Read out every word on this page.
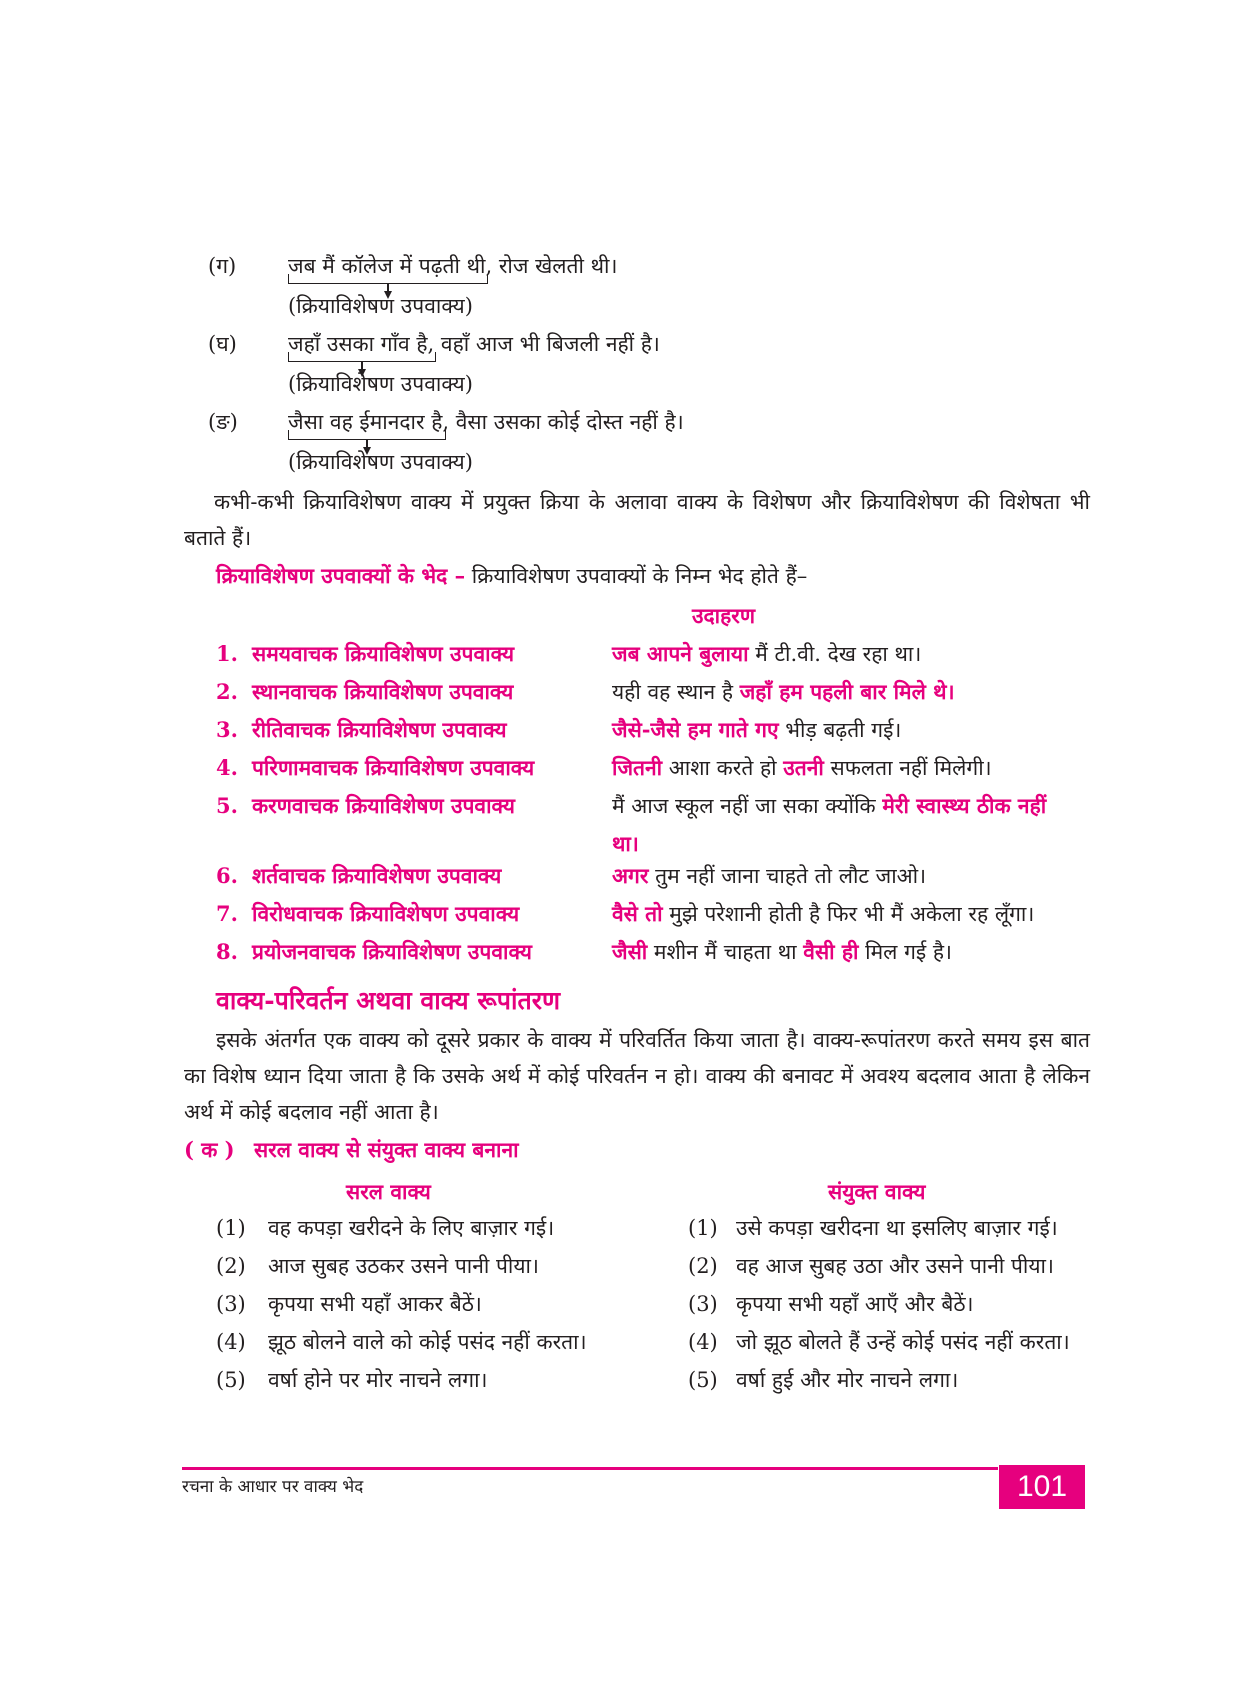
(ग) जब मैं कॉलेज में पढ़ती थी, रोज खेलती थी।
(क्रियाविशेषण उपवाक्य)
(घ) जहाँ उसका गाँव है, वहाँ आज भी बिजली नहीं है।
(क्रियाविशेषण उपवाक्य)
(ङ) जैसा वह ईमानदार है, वैसा उसका कोई दोस्त नहीं है।
(क्रियाविशेषण उपवाक्य)
कभी-कभी क्रियाविशेषण वाक्य में प्रयुक्त क्रिया के अलावा वाक्य के विशेषण और क्रियाविशेषण की विशेषता भी बताते हैं।
क्रियाविशेषण उपवाक्यों के भेद – क्रियाविशेषण उपवाक्यों के निम्न भेद होते हैं–
उदाहरण
1. समयवाचक क्रियाविशेषण उपवाक्य	जब आपने बुलाया मैं टी.वी. देख रहा था।
2. स्थानवाचक क्रियाविशेषण उपवाक्य	यही वह स्थान है जहाँ हम पहली बार मिले थे।
3. रीतिवाचक क्रियाविशेषण उपवाक्य	जैसे-जैसे हम गाते गए भीड़ बढ़ती गई।
4. परिणामवाचक क्रियाविशेषण उपवाक्य	जितनी आशा करते हो उतनी सफलता नहीं मिलेगी।
5. करणवाचक क्रियाविशेषण उपवाक्य	मैं आज स्कूल नहीं जा सका क्योंकि मेरी स्वास्थ्य ठीक नहीं
था।
6. शर्तवाचक क्रियाविशेषण उपवाक्य	अगर तुम नहीं जाना चाहते तो लौट जाओ।
7. विरोधवाचक क्रियाविशेषण उपवाक्य	वैसे तो मुझे परेशानी होती है फिर भी मैं अकेला रह लूँगा।
8. प्रयोजनवाचक क्रियाविशेषण उपवाक्य	जैसी मशीन मैं चाहता था वैसी ही मिल गई है।
वाक्य-परिवर्तन अथवा वाक्य रूपांतरण
इसके अंतर्गत एक वाक्य को दूसरे प्रकार के वाक्य में परिवर्तित किया जाता है। वाक्य-रूपांतरण करते समय इस बात का विशेष ध्यान दिया जाता है कि उसके अर्थ में कोई परिवर्तन न हो। वाक्य की बनावट में अवश्य बदलाव आता है लेकिन अर्थ में कोई बदलाव नहीं आता है।
( क ) सरल वाक्य से संयुक्त वाक्य बनाना
सरल वाक्य	संयुक्त वाक्य
(1) वह कपड़ा खरीदने के लिए बाज़ार गई।	(1) उसे कपड़ा खरीदना था इसलिए बाज़ार गई।
(2) आज सुबह उठकर उसने पानी पीया।	(2) वह आज सुबह उठा और उसने पानी पीया।
(3) कृपया सभी यहाँ आकर बैठें।	(3) कृपया सभी यहाँ आएँ और बैठें।
(4) झूठ बोलने वाले को कोई पसंद नहीं करता।	(4) जो झूठ बोलते हैं उन्हें कोई पसंद नहीं करता।
(5) वर्षा होने पर मोर नाचने लगा।	(5) वर्षा हुई और मोर नाचने लगा।
रचना के आधार पर वाक्य भेद	101
